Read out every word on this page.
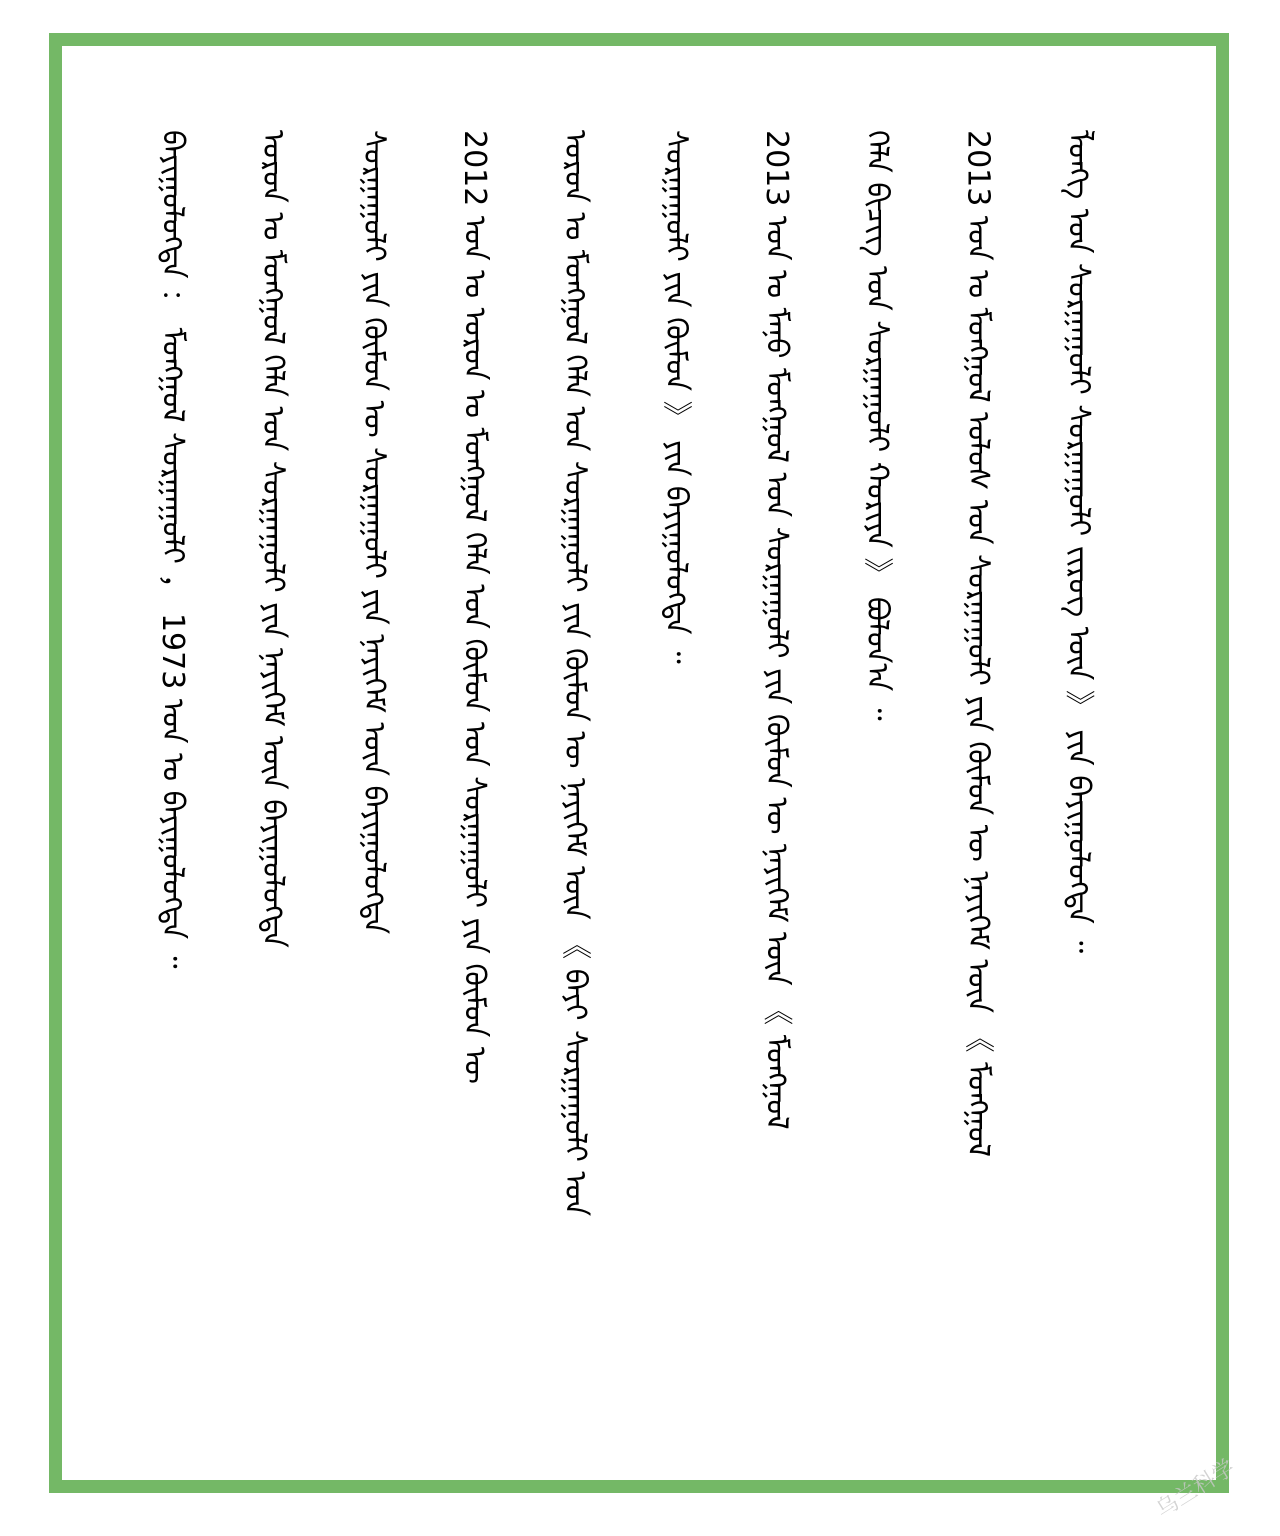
ᠯᠣᠩᠭ ᠤᠨ ᠰᠣᠷᠭᠠᠭᠤᠯᠢ ᠰᠤᠷᠭᠠᠭᠤᠯᠢ ᠵᠢᠷᠤᠭ᠌ ᠦᠨ 》 ᠶᠢᠨ ᠪᠠᠶᠢᠭᠤᠯᠤᠭ᠌ᠳᠠ ᠃
2013 ᠣᠨ ᠤ ᠮᠣᠩᠭᠣᠯ ᠤᠯᠤᠰ ᠤᠨ ᠰᠤᠷᠭᠠᠭᠤᠯᠢ ᠶᠢᠨ ᠬᠦᠮᠦᠨ ᠦ ᠨᠡᠶᠢᠭᠡᠮ ᠦᠨ 《 ᠮᠣᠩᠭᠣᠯ
ᠬᠡᠯᠡ ᠪᠢᠴᠢᠭ ᠤᠨ ᠰᠤᠷᠭᠠᠭᠤᠯᠢ ᠬᠣᠷᠢᠶᠠ 》 ᠪᠣᠯᠤᠨ᠎ᠠ ᠃
2013 ᠣᠨ ᠤ ᠮᠠᠨᠤ ᠮᠣᠩᠭᠣᠯ ᠤᠨ ᠰᠤᠷᠭᠠᠭᠤᠯᠢ ᠶᠢᠨ ᠬᠦᠮᠦᠨ ᠦ ᠨᠡᠶᠢᠭᠡᠮ ᠦᠨ 《 ᠮᠣᠩᠭᠣᠯ
ᠰᠤᠷᠭᠠᠭᠤᠯᠢ ᠶᠢᠨ ᠬᠦᠮᠦᠨ 》 ᠶᠢᠨ ᠪᠠᠶᠢᠭᠤᠯᠤᠭ᠌ᠳᠠ ᠃
ᠣᠷᠣᠨ ᠤ ᠮᠣᠩᠭᠣᠯ ᠬᠡᠯᠡ ᠤᠨ ᠰᠤᠷᠭᠠᠭᠤᠯᠢ ᠶᠢᠨ ᠬᠦᠮᠦᠨ ᠦ ᠨᠡᠶᠢᠭᠡᠮ ᠦᠨ 《 ᠪᠠᠶᠢ ᠰᠤᠷᠭᠠᠭᠤᠯᠢ ᠤᠨ
2012 ᠣᠨ ᠤ ᠣᠷᠣᠨ ᠤ ᠮᠣᠩᠭᠣᠯ ᠬᠡᠯᠡ ᠤᠨ ᠬᠦᠮᠦᠨ ᠤᠨ ᠰᠤᠷᠭᠠᠭᠤᠯᠢ ᠶᠢᠨ ᠬᠦᠮᠦᠨ ᠦ
ᠰᠤᠷᠭᠠᠭᠤᠯᠢ ᠶᠢᠨ ᠬᠦᠮᠦᠨ ᠦ ᠰᠤᠷᠭᠠᠭᠤᠯᠢ ᠶᠢᠨ ᠨᠡᠶᠢᠭᠡᠮ ᠦᠨ ᠪᠠᠶᠢᠭᠤᠯᠤᠭ᠌ᠳᠠ
ᠣᠷᠣᠨ ᠤ ᠮᠣᠩᠭᠣᠯ ᠬᠡᠯᠡ ᠤᠨ ᠰᠤᠷᠭᠠᠭᠤᠯᠢ ᠶᠢᠨ ᠨᠡᠶᠢᠭᠡᠮ ᠦᠨ ᠪᠠᠶᠢᠭᠤᠯᠤᠭ᠌ᠳᠠ
ᠪᠠᠶᠢᠭᠤᠯᠤᠭ᠌ᠳᠠ ： ᠮᠣᠩᠭᠣᠯ ᠰᠤᠷᠭᠠᠭᠤᠯᠢ ， 1973 ᠣᠨ ᠤ ᠪᠠᠶᠢᠭᠤᠯᠤᠭ᠌ᠳᠠ ᠃
乌兰科学
